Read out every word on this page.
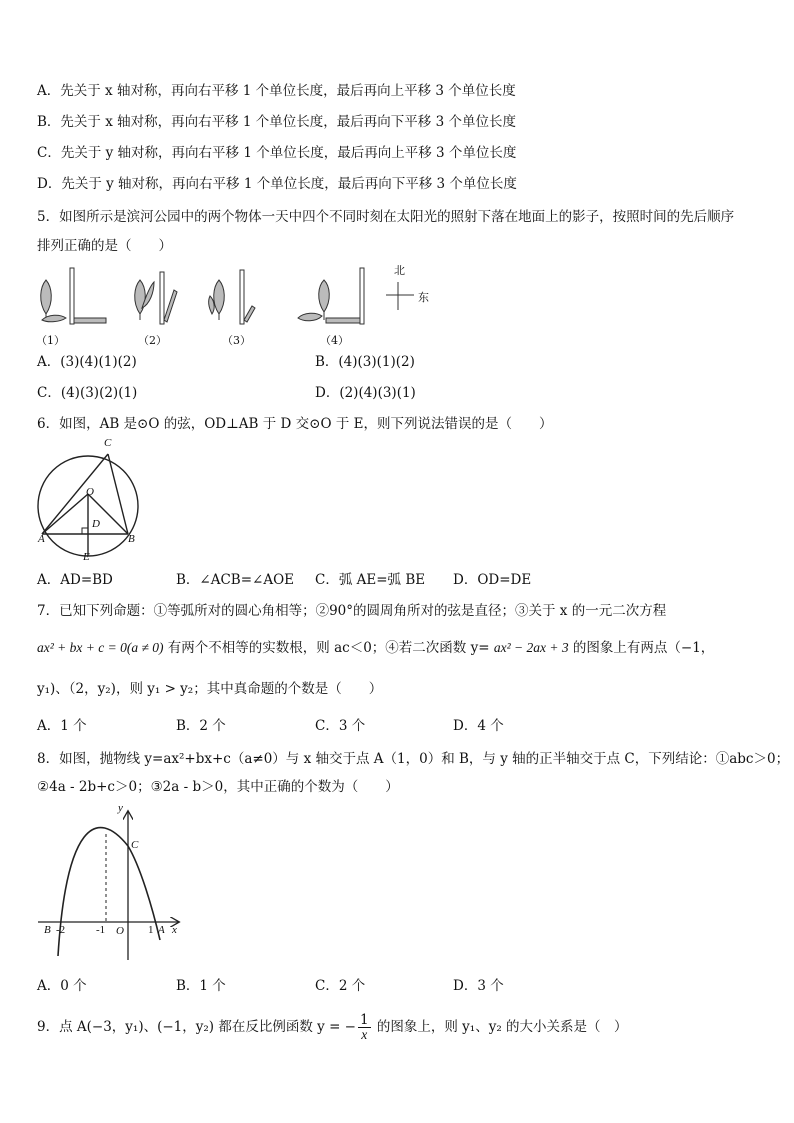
A．先关于 x 轴对称，再向右平移 1 个单位长度，最后再向上平移 3 个单位长度
B．先关于 x 轴对称，再向右平移 1 个单位长度，最后再向下平移 3 个单位长度
C．先关于 y 轴对称，再向右平移 1 个单位长度，最后再向上平移 3 个单位长度
D．先关于 y 轴对称，再向右平移 1 个单位长度，最后再向下平移 3 个单位长度
5．如图所示是滨河公园中的两个物体一天中四个不同时刻在太阳光的照射下落在地面上的影子，按照时间的先后顺序
排列正确的是（　　）
北
东
（1）	（2）	（3）	（4）
A．(3)(4)(1)(2)	B．(4)(3)(1)(2)
C．(4)(3)(2)(1)	D．(2)(4)(3)(1)
6．如图，AB 是⊙O 的弦，OD⊥AB 于 D 交⊙O 于 E，则下列说法错误的是（　　）
C
O
D
A	B
E
A．AD=BD	B．∠ACB=∠AOE C．弧 AE=弧 BE D．OD=DE
7．已知下列命题：①等弧所对的圆心角相等；②90°的圆周角所对的弦是直径；③关于 x 的一元二次方程
ax² + bx + c = 0(a ≠ 0) 有两个不相等的实数根，则 ac＜0；④若二次函数 y= ax² − 2ax + 3 的图象上有两点（−1，
y₁)、（2，y₂)，则 y₁ > y₂；其中真命题的个数是（　　）
A．1 个	B．2 个	C．3 个	D．4 个
8．如图，抛物线 y=ax²+bx+c（a≠0）与 x 轴交于点 A（1，0）和 B，与 y 轴的正半轴交于点 C，下列结论：①abc＞0；
②4a - 2b+c＞0；③2a - b＞0，其中正确的个数为（　　）
y
C
B -2	-1 O 1 A x
A．0 个	B．1 个	C．2 个	D．3 个
9．点 A(−3，y₁)、(−1，y₂) 都在反比例函数 y = − $\frac{1}{x}$ 的图象上，则 y₁、y₂ 的大小关系是（　）
